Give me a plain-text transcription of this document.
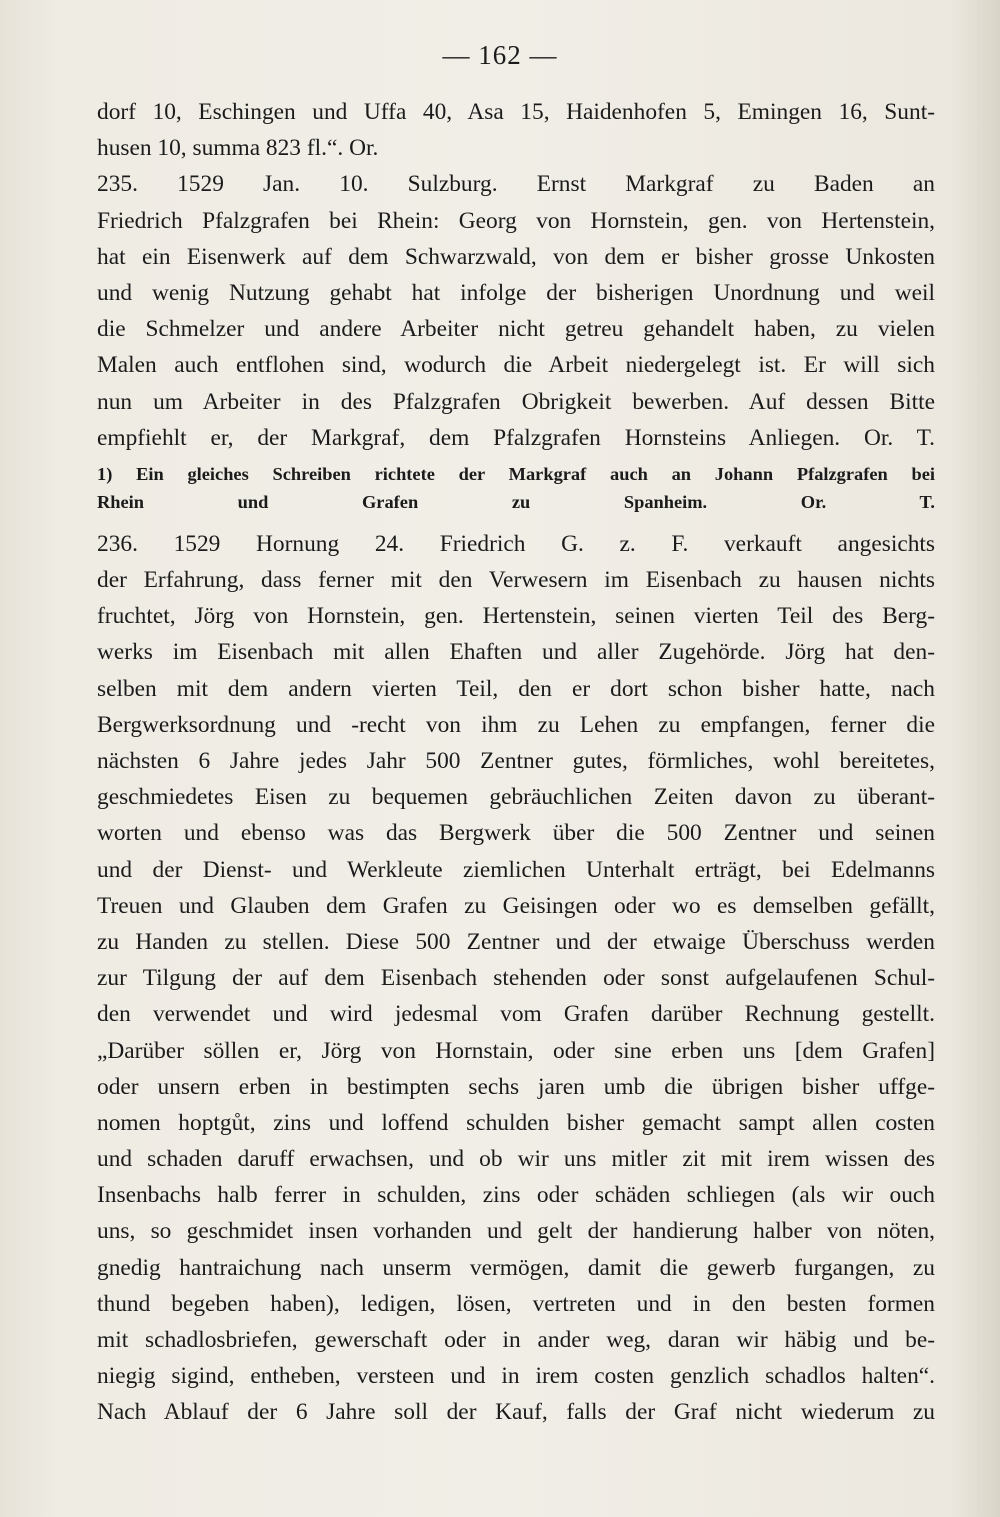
— 162 —
dorf 10, Eschingen und Uffa 40, Asa 15, Haidenhofen 5, Emingen 16, Sunt-
husen 10, summa 823 fl.“. Or.
235. 1529 Jan. 10. Sulzburg. Ernst Markgraf zu Baden an
Friedrich Pfalzgrafen bei Rhein: Georg von Hornstein, gen. von Hertenstein,
hat ein Eisenwerk auf dem Schwarzwald, von dem er bisher grosse Unkosten
und wenig Nutzung gehabt hat infolge der bisherigen Unordnung und weil
die Schmelzer und andere Arbeiter nicht getreu gehandelt haben, zu vielen
Malen auch entflohen sind, wodurch die Arbeit niedergelegt ist. Er will sich
nun um Arbeiter in des Pfalzgrafen Obrigkeit bewerben. Auf dessen Bitte
empfiehlt er, der Markgraf, dem Pfalzgrafen Hornsteins Anliegen. Or. T.
1) Ein gleiches Schreiben richtete der Markgraf auch an Johann Pfalzgrafen bei
Rhein und Grafen zu Spanheim. Or. T.
236. 1529 Hornung 24. Friedrich G. z. F. verkauft angesichts
der Erfahrung, dass ferner mit den Verwesern im Eisenbach zu hausen nichts
fruchtet, Jörg von Hornstein, gen. Hertenstein, seinen vierten Teil des Berg-
werks im Eisenbach mit allen Ehaften und aller Zugehörde. Jörg hat den-
selben mit dem andern vierten Teil, den er dort schon bisher hatte, nach
Bergwerksordnung und -recht von ihm zu Lehen zu empfangen, ferner die
nächsten 6 Jahre jedes Jahr 500 Zentner gutes, förmliches, wohl bereitetes,
geschmiedetes Eisen zu bequemen gebräuchlichen Zeiten davon zu überant-
worten und ebenso was das Bergwerk über die 500 Zentner und seinen
und der Dienst- und Werkleute ziemlichen Unterhalt erträgt, bei Edelmanns
Treuen und Glauben dem Grafen zu Geisingen oder wo es demselben gefällt,
zu Handen zu stellen. Diese 500 Zentner und der etwaige Überschuss werden
zur Tilgung der auf dem Eisenbach stehenden oder sonst aufgelaufenen Schul-
den verwendet und wird jedesmal vom Grafen darüber Rechnung gestellt.
„Darüber söllen er, Jörg von Hornstain, oder sine erben uns [dem Grafen]
oder unsern erben in bestimpten sechs jaren umb die übrigen bisher uffge-
nomen hoptgůt, zins und loffend schulden bisher gemacht sampt allen costen
und schaden daruff erwachsen, und ob wir uns mitler zit mit irem wissen des
Insenbachs halb ferrer in schulden, zins oder schäden schliegen (als wir ouch
uns, so geschmidet insen vorhanden und gelt der handierung halber von nöten,
gnedig hantraichung nach unserm vermögen, damit die gewerb furgangen, zu
thund begeben haben), ledigen, lösen, vertreten und in den besten formen
mit schadlosbriefen, gewerschaft oder in ander weg, daran wir häbig und be-
niegig sigind, entheben, versteen und in irem costen genzlich schadlos halten“.
Nach Ablauf der 6 Jahre soll der Kauf, falls der Graf nicht wiederum zu
